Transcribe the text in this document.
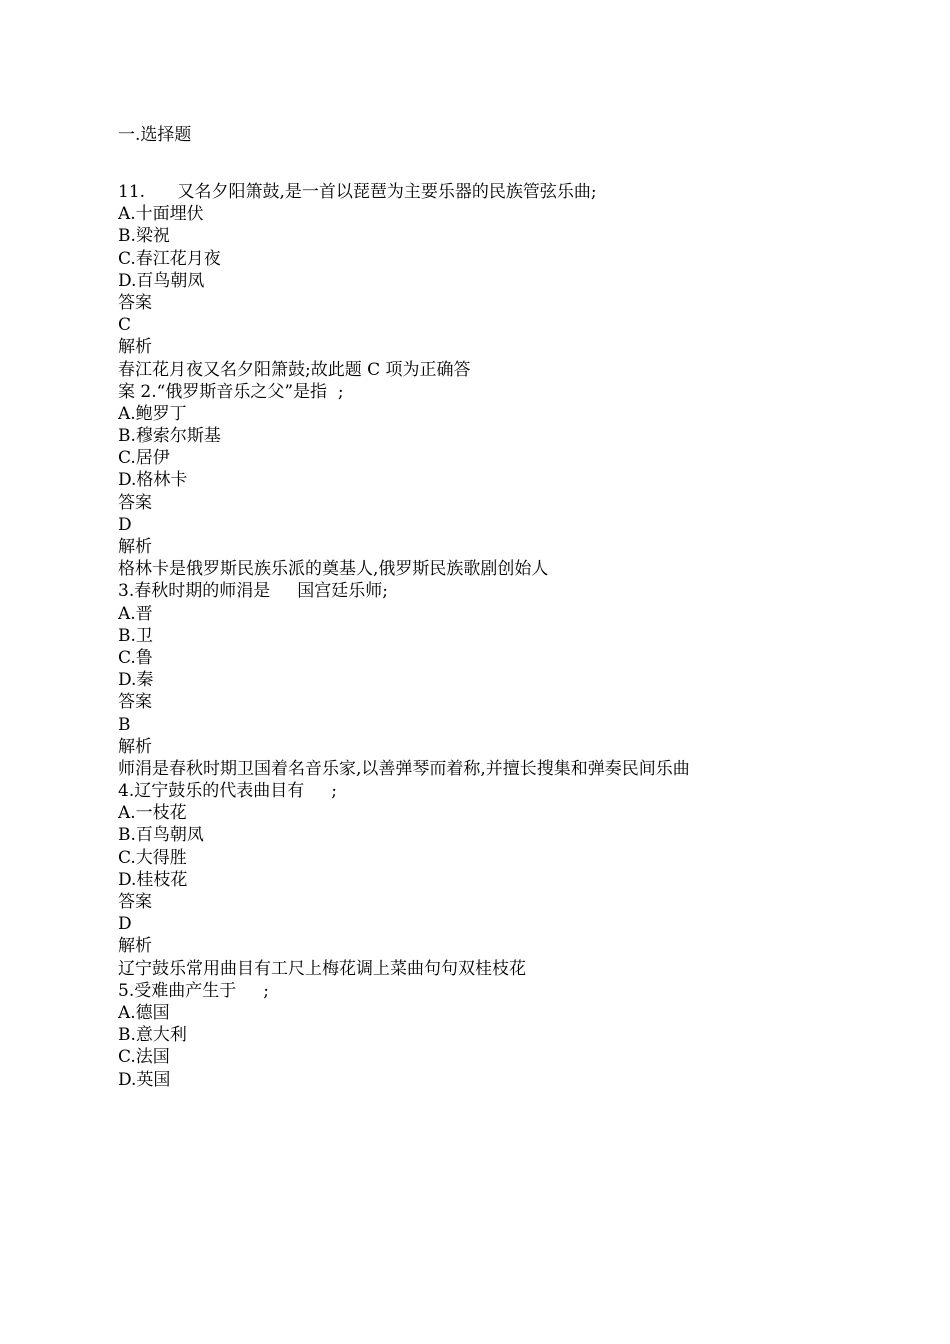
一.选择题
11.      又名夕阳箫鼓,是一首以琵琶为主要乐器的民族管弦乐曲;
A.十面埋伏
B.梁祝
C.春江花月夜
D.百鸟朝凤
答案
C
解析
春江花月夜又名夕阳箫鼓;故此题 C 项为正确答
案 2.“俄罗斯音乐之父”是指  ;
A.鲍罗丁
B.穆索尔斯基
C.居伊
D.格林卡
答案
D
解析
格林卡是俄罗斯民族乐派的奠基人,俄罗斯民族歌剧创始人
3.春秋时期的师涓是     国宫廷乐师;
A.晋
B.卫
C.鲁
D.秦
答案
B
解析
师涓是春秋时期卫国着名音乐家,以善弹琴而着称,并擅长搜集和弹奏民间乐曲
4.辽宁鼓乐的代表曲目有     ;
A.一枝花
B.百鸟朝凤
C.大得胜
D.桂枝花
答案
D
解析
辽宁鼓乐常用曲目有工尺上梅花调上菜曲句句双桂枝花
5.受难曲产生于     ;
A.德国
B.意大利
C.法国
D.英国
